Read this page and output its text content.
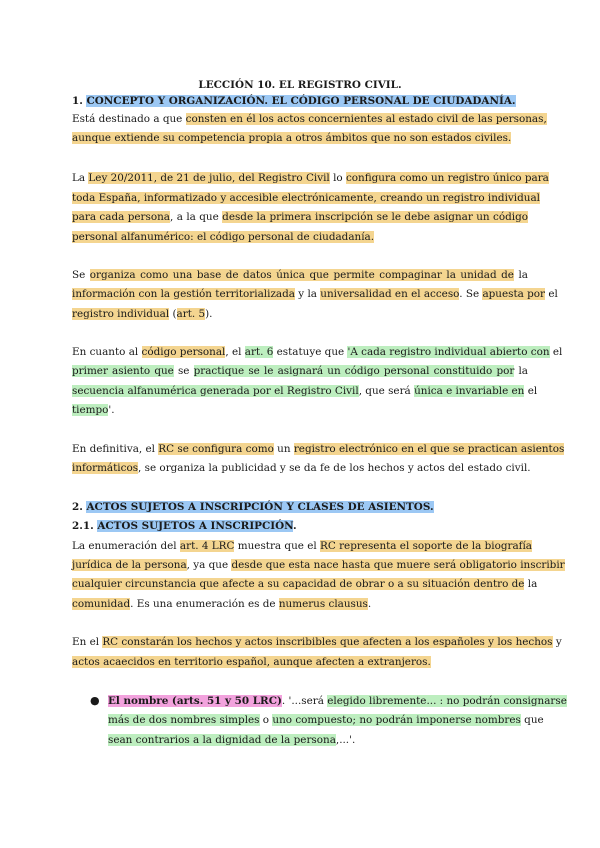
LECCIÓN 10. EL REGISTRO CIVIL.
1. CONCEPTO Y ORGANIZACIÓN. EL CÓDIGO PERSONAL DE CIUDADANÍA.
Está destinado a que consten en él los actos concernientes al estado civil de las personas,
aunque extiende su competencia propia a otros ámbitos que no son estados civiles.
La Ley 20/2011, de 21 de julio, del Registro Civil lo configura como un registro único para
toda España, informatizado y accesible electrónicamente, creando un registro individual
para cada persona, a la que desde la primera inscripción se le debe asignar un código
personal alfanumérico: el código personal de ciudadanía.
Se organiza como una base de datos única que permite compaginar la unidad de la
información con la gestión territorializada y la universalidad en el acceso. Se apuesta por el
registro individual (art. 5).
En cuanto al código personal, el art. 6 estatuye que 'A cada registro individual abierto con el
primer asiento que se practique se le asignará un código personal constituido por la
secuencia alfanumérica generada por el Registro Civil, que será única e invariable en el
tiempo'.
En definitiva, el RC se configura como un registro electrónico en el que se practican asientos
informáticos, se organiza la publicidad y se da fe de los hechos y actos del estado civil.
2. ACTOS SUJETOS A INSCRIPCIÓN Y CLASES DE ASIENTOS.
2.1. ACTOS SUJETOS A INSCRIPCIÓN.
La enumeración del art. 4 LRC muestra que el RC representa el soporte de la biografía
jurídica de la persona, ya que desde que esta nace hasta que muere será obligatorio inscribir
cualquier circunstancia que afecte a su capacidad de obrar o a su situación dentro de la
comunidad. Es una enumeración es de numerus clausus.
En el RC constarán los hechos y actos inscribibles que afecten a los españoles y los hechos y
actos acaecidos en territorio español, aunque afecten a extranjeros.
● El nombre (arts. 51 y 50 LRC). '...será elegido libremente... : no podrán consignarse
más de dos nombres simples o uno compuesto; no podrán imponerse nombres que
sean contrarios a la dignidad de la persona,...'.
